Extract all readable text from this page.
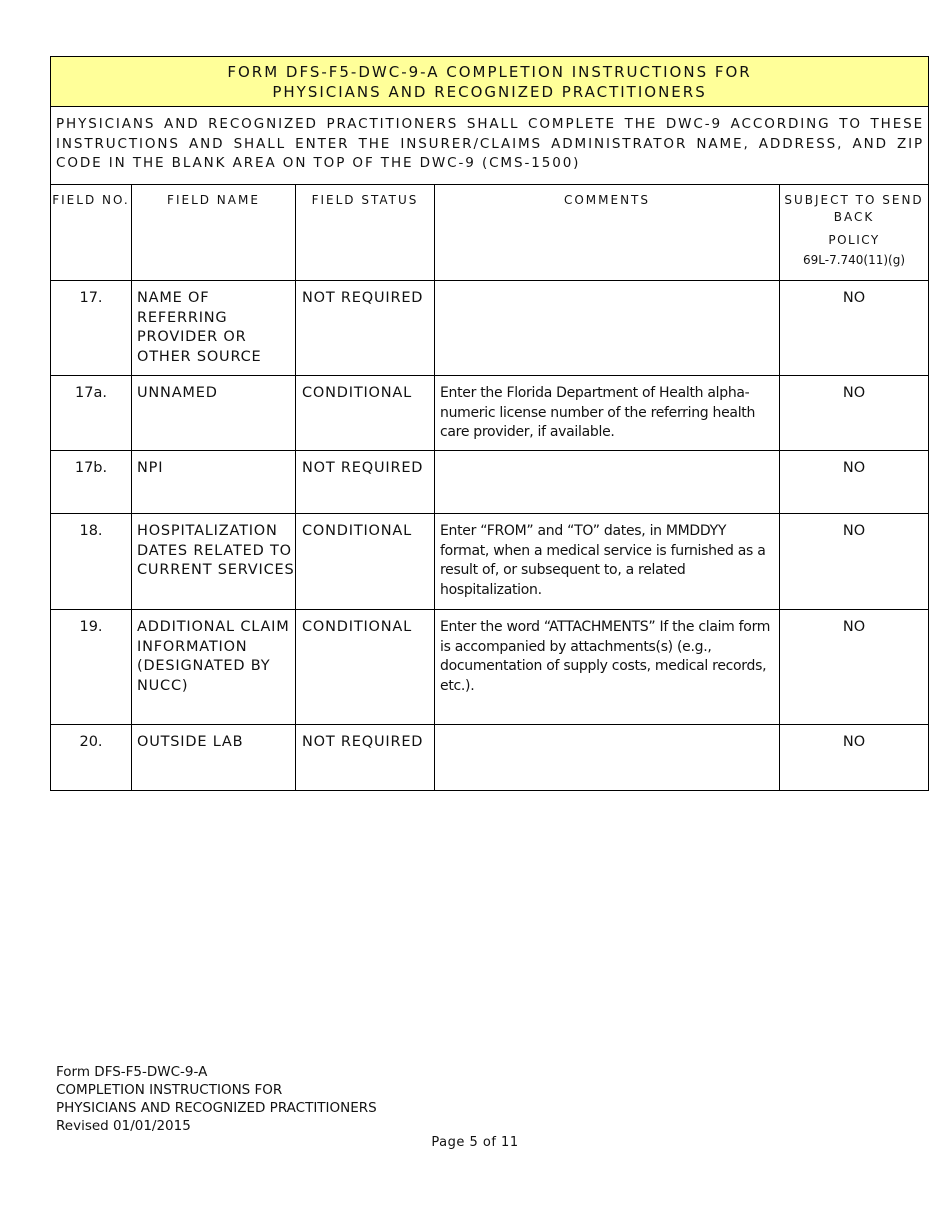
FORM DFS-F5-DWC-9-A COMPLETION INSTRUCTIONS FOR
PHYSICIANS AND RECOGNIZED PRACTITIONERS				

PHYSICIANS AND RECOGNIZED PRACTITIONERS SHALL COMPLETE THE DWC-9 ACCORDING TO THESE INSTRUCTIONS AND SHALL ENTER THE INSURER/CLAIMS ADMINISTRATOR NAME, ADDRESS, AND ZIP CODE IN THE BLANK AREA ON TOP OF THE DWC-9 (CMS-1500)				
FIELD NO.	FIELD NAME	FIELD STATUS	COMMENTS	SUBJECT TO SEND BACK
POLICY
69L-7.740(11)(g)

17.	NAME OF REFERRING PROVIDER OR OTHER SOURCE	NOT REQUIRED		NO
17a.	UNNAMED	CONDITIONAL	Enter the Florida Department of Health alpha-numeric license number of the referring health care provider, if available.	NO
17b.	NPI	NOT REQUIRED		NO
18.	HOSPITALIZATION DATES RELATED TO CURRENT SERVICES	CONDITIONAL	Enter “FROM” and “TO” dates, in MMDDYY format, when a medical service is furnished as a result of, or subsequent to, a related hospitalization.	NO
19.	ADDITIONAL CLAIM INFORMATION (DESIGNATED BY NUCC)	CONDITIONAL	Enter the word “ATTACHMENTS” If the claim form is accompanied by attachments(s) (e.g., documentation of supply costs, medical records, etc.).	NO
20.	OUTSIDE LAB	NOT REQUIRED		NO
Form DFS-F5-DWC-9-A
COMPLETION INSTRUCTIONS FOR
PHYSICIANS AND RECOGNIZED PRACTITIONERS
Revised 01/01/2015
Page 5 of 11
